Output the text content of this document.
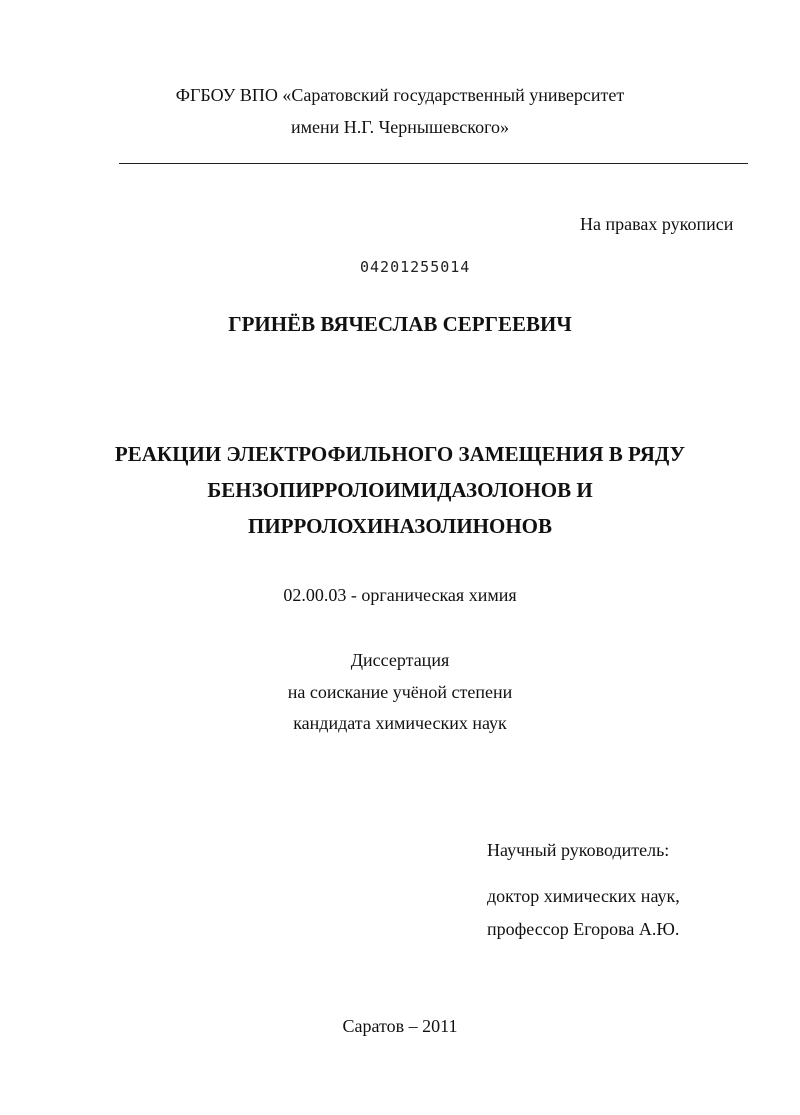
ФГБОУ ВПО «Саратовский государственный университет
имени Н.Г. Чернышевского»
На правах рукописи
04201255014
ГРИНЁВ ВЯЧЕСЛАВ СЕРГЕЕВИЧ
РЕАКЦИИ ЭЛЕКТРОФИЛЬНОГО ЗАМЕЩЕНИЯ В РЯДУ
БЕНЗОПИРРОЛОИМИДАЗОЛОНОВ И
ПИРРОЛОХИНАЗОЛИНОНОВ
02.00.03 - органическая химия
Диссертация
на соискание учёной степени
кандидата химических наук
Научный руководитель:
доктор химических наук,
профессор Егорова А.Ю.
Саратов – 2011
